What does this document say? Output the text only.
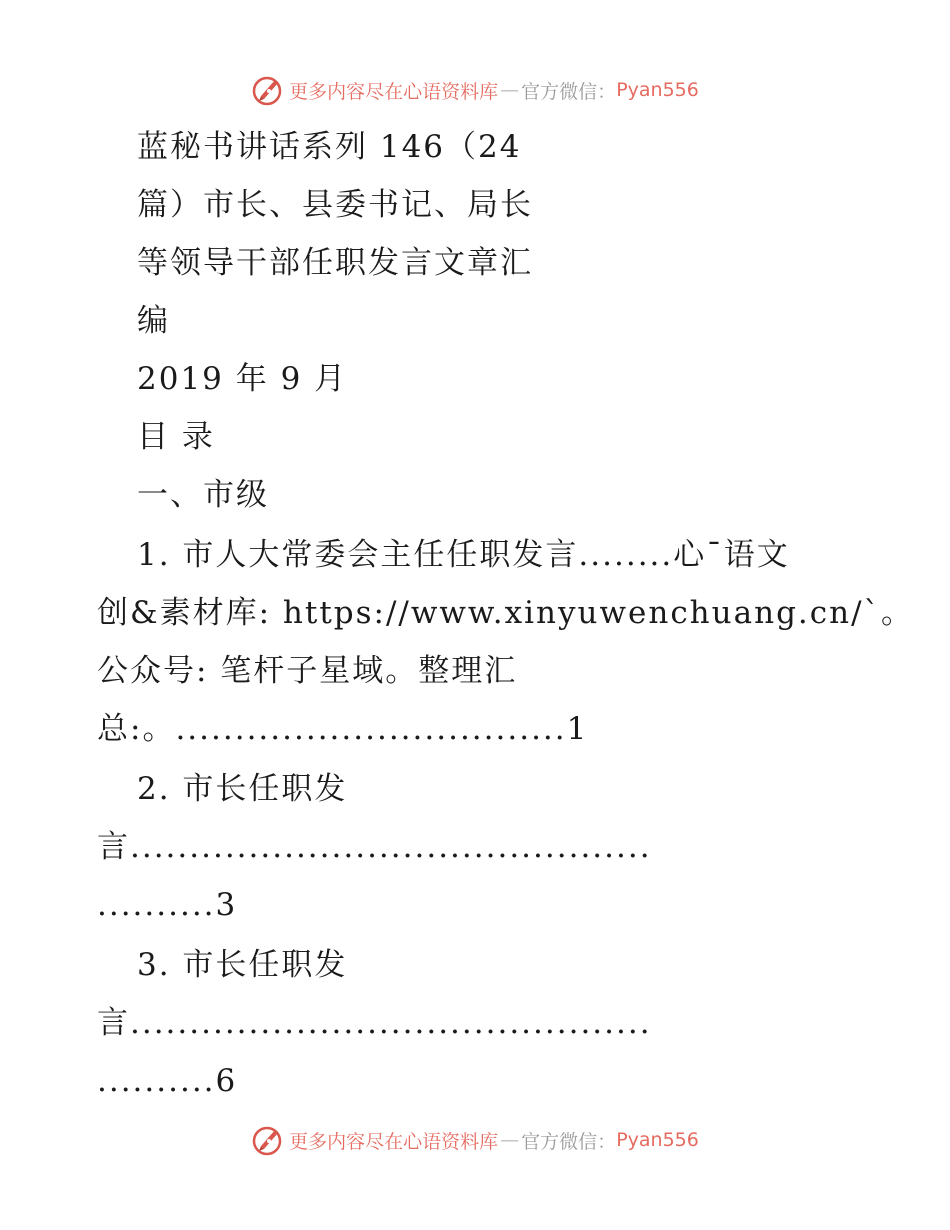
更多内容尽在心语资料库 — 官方微信： Pyan556
蓝秘书讲话系列 146（24
篇）市长、县委书记、局长
等领导干部任职发言文章汇
编
2019 年 9 月
目 录
一、市级
1. 市人大常委会主任任职发言........心¯语文
创&素材库: https://www.xinyuwenchuang.cn/`。
公众号: 笔杆子星域。整理汇
总:。.................................1
2. 市长任职发
言............................................
..........3
3. 市长任职发
言............................................
..........6
更多内容尽在心语资料库 — 官方微信： Pyan556
